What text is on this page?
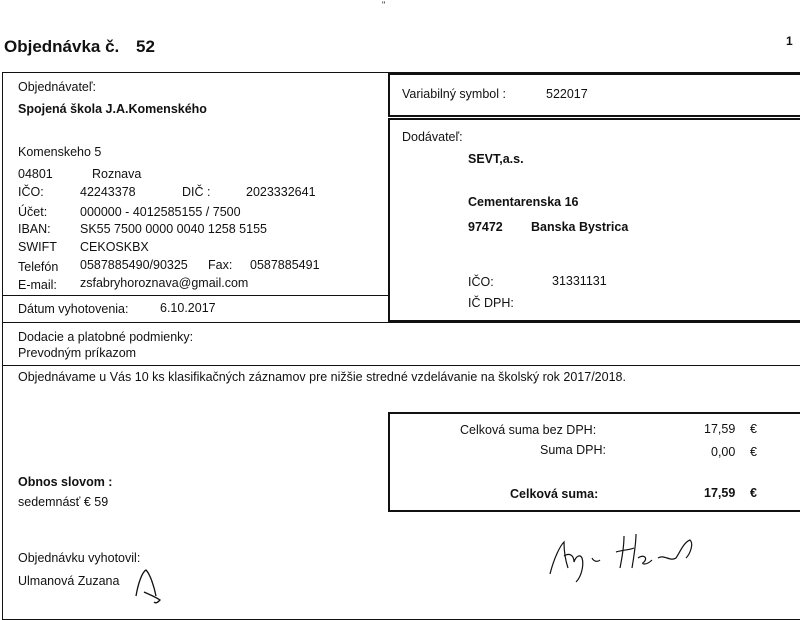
"
Objednávka č. 52	1
Objednávateľ:
Spojená škola J.A.Komenského
Komenskeho 5
04801	Roznava
IČO:	42243378	DIČ :	2023332641
Účet:	000000 - 4012585155 / 7500
IBAN: SK55 7500 0000 0040 1258 5155
SWIFT CEKOSKBX
Telefón 0587885490/90325 Fax: 0587885491
E-mail: zsfabryhoroznava@gmail.com
Dátum vyhotovenia:	6.10.2017
Variabilný symbol :	522017
Dodávateľ:
SEVT,a.s.
Cementarenska 16
97472 Banska Bystrica
IČO:	31331131
IČ DPH:
Dodacie a platobné podmienky:
Prevodným príkazom
Objednávame u Vás 10 ks klasifikačných záznamov pre nižšie stredné vzdelávanie na školský rok 2017/2018.
Celková suma bez DPH:	17,59 €
Suma DPH:	0,00 €
Celková suma:	17,59 €
Obnos slovom :
sedemnásť € 59
Objednávku vyhotovil:
Ulmanová Zuzana
